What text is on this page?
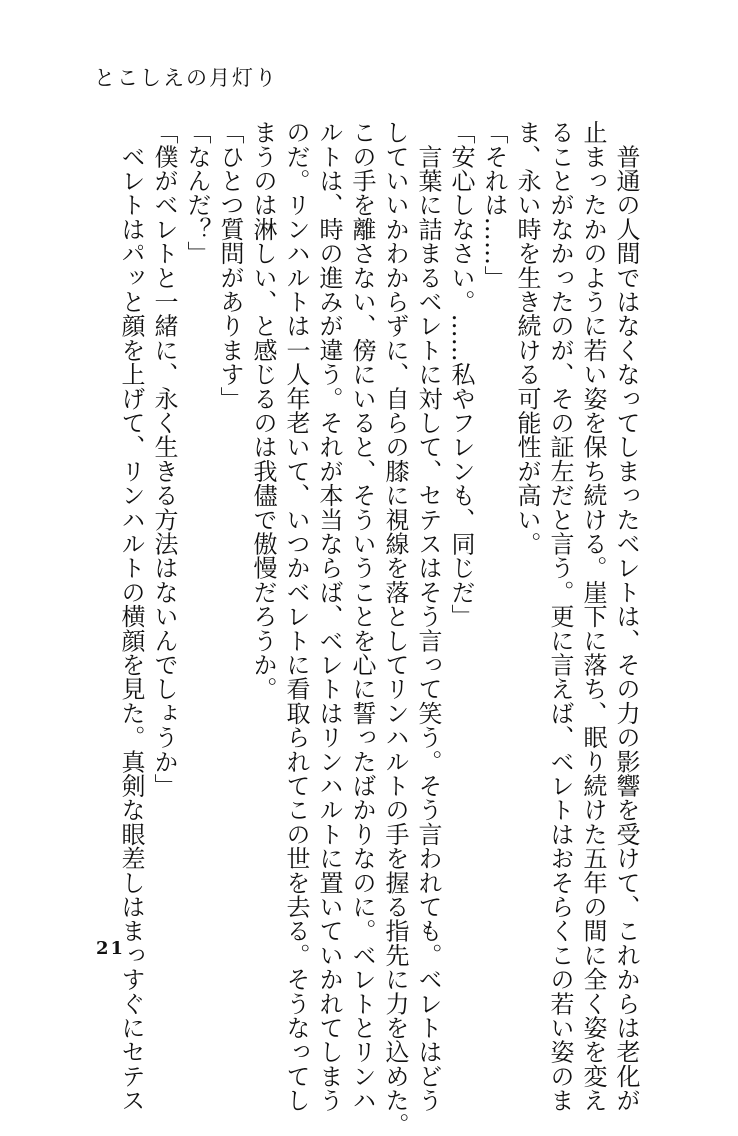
とこしえの月灯り

　普通の人間ではなくなってしまったベレトは、その力の影響を受けて、これからは老化が
止まったかのように若い姿を保ち続ける。崖下に落ち、眠り続けた五年の間に全く姿を変え
ることがなかったのが、その証左だと言う。更に言えば、ベレトはおそらくこの若い姿のま
ま、永い時を生き続ける可能性が高い。

「それは……」

「安心しなさい。……私やフレンも、同じだ」

　言葉に詰まるベレトに対して、セテスはそう言って笑う。そう言われても。ベレトはどう
していいかわからずに、自らの膝に視線を落としてリンハルトの手を握る指先に力を込めた。
この手を離さない、傍にいると、そういうことを心に誓ったばかりなのに。ベレトとリンハ
ルトは、時の進みが違う。それが本当ならば、ベレトはリンハルトに置いていかれてしまう
のだ。リンハルトは一人年老いて、いつかベレトに看取られてこの世を去る。そうなってし
まうのは淋しい、と感じるのは我儘で傲慢だろうか。

「ひとつ質問があります」

「なんだ？」

「僕がベレトと一緒に、永く生きる方法はないんでしょうか」

　ベレトはパッと顔を上げて、リンハルトの横顔を見た。真剣な眼差しはまっすぐにセテス

21
